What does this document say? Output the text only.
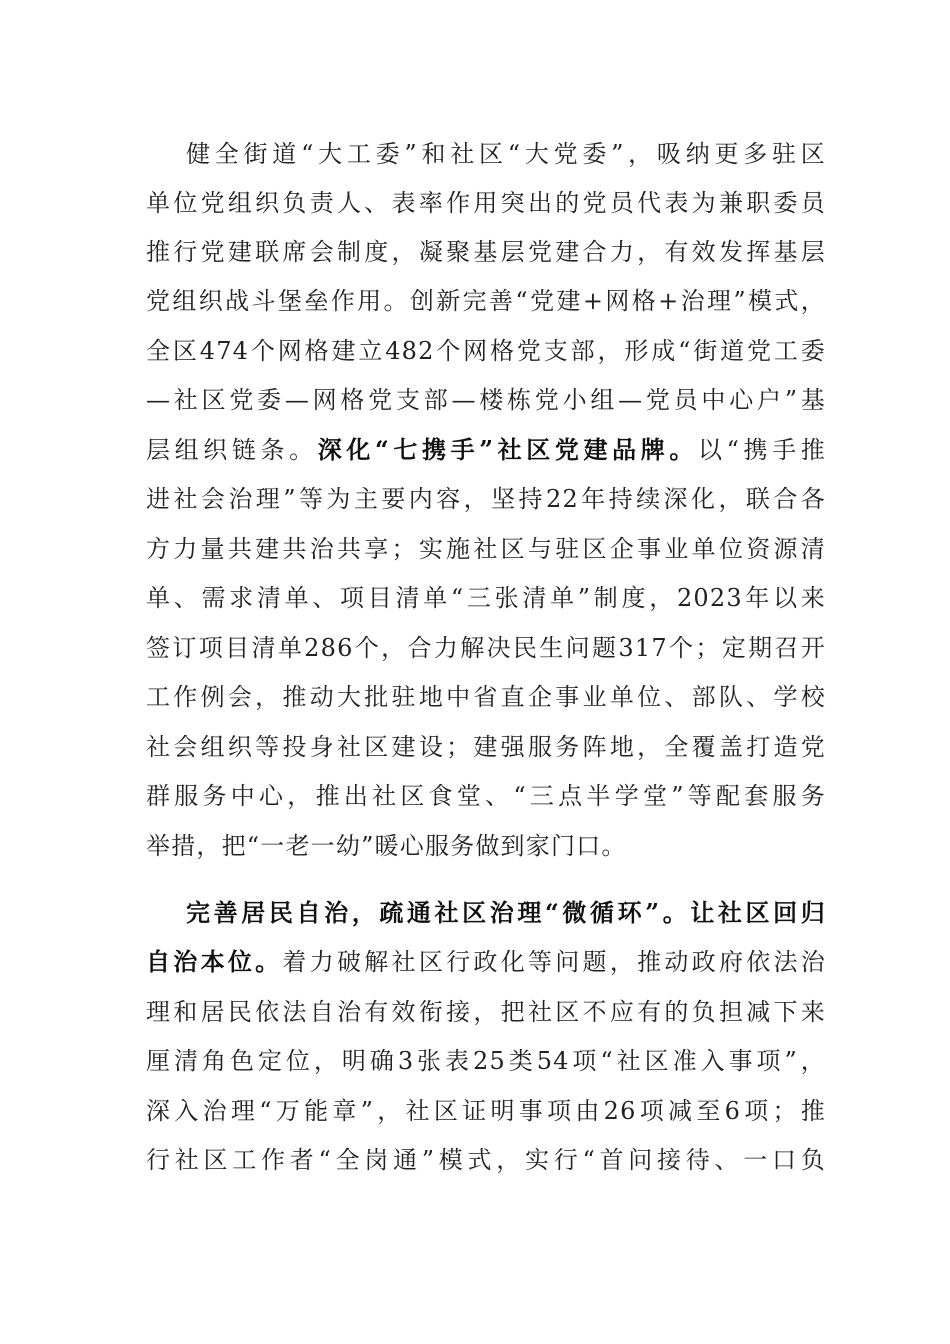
健全街道“大工委”和社区“大党委”，吸纳更多驻区
单位党组织负责人、表率作用突出的党员代表为兼职委员
推行党建联席会制度，凝聚基层党建合力，有效发挥基层
党组织战斗堡垒作用。创新完善“党建+网格+治理”模式，
全区474个网格建立482个网格党支部，形成“街道党工委
—社区党委—网格党支部—楼栋党小组—党员中心户”基
层组织链条。深化“七携手”社区党建品牌。以“携手推
进社会治理”等为主要内容，坚持22年持续深化，联合各
方力量共建共治共享；实施社区与驻区企事业单位资源清
单、需求清单、项目清单“三张清单”制度，2023年以来
签订项目清单286个，合力解决民生问题317个；定期召开
工作例会，推动大批驻地中省直企事业单位、部队、学校
社会组织等投身社区建设；建强服务阵地，全覆盖打造党
群服务中心，推出社区食堂、“三点半学堂”等配套服务
举措，把“一老一幼”暖心服务做到家门口。
完善居民自治，疏通社区治理“微循环”。让社区回归
自治本位。着力破解社区行政化等问题，推动政府依法治
理和居民依法自治有效衔接，把社区不应有的负担减下来
厘清角色定位，明确3张表25类54项“社区准入事项”，
深入治理“万能章”，社区证明事项由26项减至6项；推
行社区工作者“全岗通”模式，实行“首问接待、一口负
